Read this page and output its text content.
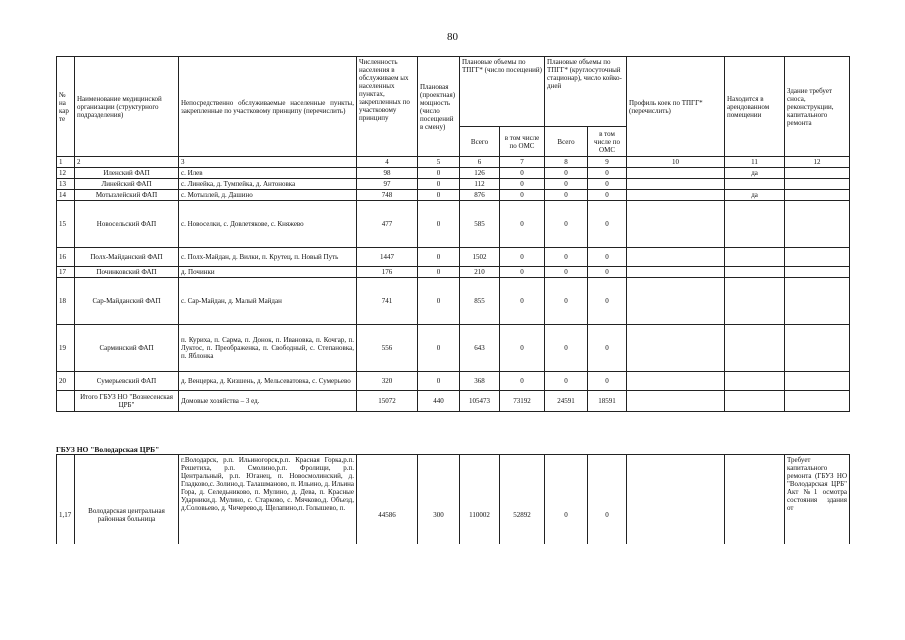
80
№ на кар те	Наименование медицинской организации (структурного подразделения)	Непосредственно обслуживаемые населенные пункты, закрепленные по участковому принципу (перечислить)	Численность населения в обслуживаем ых населенных пунктах, закрепленных по участковому принципу	Плановая (проектная) мощность (число посещений в смену)	Плановые объемы по ТПГГ* (число посещений)		Плановые объемы по ТПГГ* (круглосуточный стационар), число койко-дней		Профиль коек по ТПГГ* (перечислить)	Находится в арендованном помещении	Здание требует сноса, реконструкции, капитального ремонта
					Всего	в том числе по ОМС	Всего	в том числе по ОМС			
1	2	3	4	5	6	7	8	9	10	11	12
12	Иленский ФАП	с. Илев	98	0	126	0	0	0		да	
13	Линейский ФАП	с. Линейка, д. Тумпейка, д. Антоновка	97	0	112	0	0	0			
14	Мотызлейский ФАП	с. Мотызлей, д. Дашино	748	0	876	0	0	0		да	
15	Новосельский ФАП	с. Новоселки, с. Довлетякове, с. Княжево	477	0	585	0	0	0			
16	Полх-Майданский ФАП	с. Полх-Майдан, д. Вилки, п. Крутец, п. Новый Путь	1447	0	1502	0	0	0			
17	Починковский ФАП	д. Починки	176	0	210	0	0	0			
18	Сар-Майданский ФАП	с. Сар-Майдан, д. Малый Майдан	741	0	855	0	0	0			
19	Сарминский ФАП	п. Куриха, п. Сарма, п. Донок, п. Ивановка, п. Кочгар, п. Луктос, п. Преображенка, п. Свободный, с. Степановка, п. Яблонка	556	0	643	0	0	0			
20	Сумерьевский ФАП	д. Венцерка, д. Кизшень, д. Мельсеватовка, с. Сумерьево	320	0	368	0	0	0			
	Итого ГБУЗ НО "Вознесенская ЦРБ"	Домовые хозяйства – 3 ед.	15072	440	105473	73192	24591	18591			
ГБУЗ НО "Володарская ЦРБ"
1,17	Володарская центральная районная больница	г.Володарск, р.п. Ильиногорск,р.п. Красная Горка,р.п. Решетиха, р.п. Смолино,р.п. Фролищи, р.п. Центральный, р.п. Юганец, п. Новосмолинский, д. Гладково,с. Золино,д. Талашманово, п. Ильино, д. Ильина Гора, д. Селедьниково, п. Мулино, д. Дева, п. Красные Ударники,д. Мулино, с. Старково, с. Мячково,д. Объезд, д.Соловьево, д. Чичерево,д. Щелапино,п. Голышево, п.	44586	300	110002	52892	0	0			Требует капитального ремонта (ГБУЗ НО "Володарская ЦРБ" Акт №1 осмотра состояния здания от
